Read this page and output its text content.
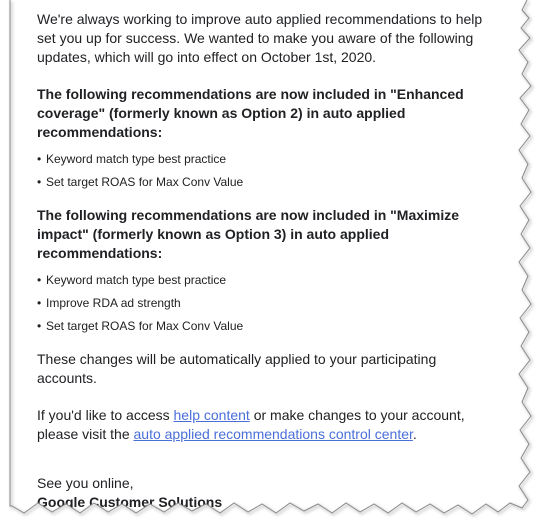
We're always working to improve auto applied recommendations to help set you up for success. We wanted to make you aware of the following updates, which will go into effect on October 1st, 2020.

The following recommendations are now included in "Enhanced coverage" (formerly known as Option 2) in auto applied recommendations:

• Keyword match type best practice
• Set target ROAS for Max Conv Value

The following recommendations are now included in "Maximize impact" (formerly known as Option 3) in auto applied recommendations:

• Keyword match type best practice
• Improve RDA ad strength
• Set target ROAS for Max Conv Value

These changes will be automatically applied to your participating accounts.

If you'd like to access help content or make changes to your account, please visit the auto applied recommendations control center.

See you online,
Google Customer Solutions
